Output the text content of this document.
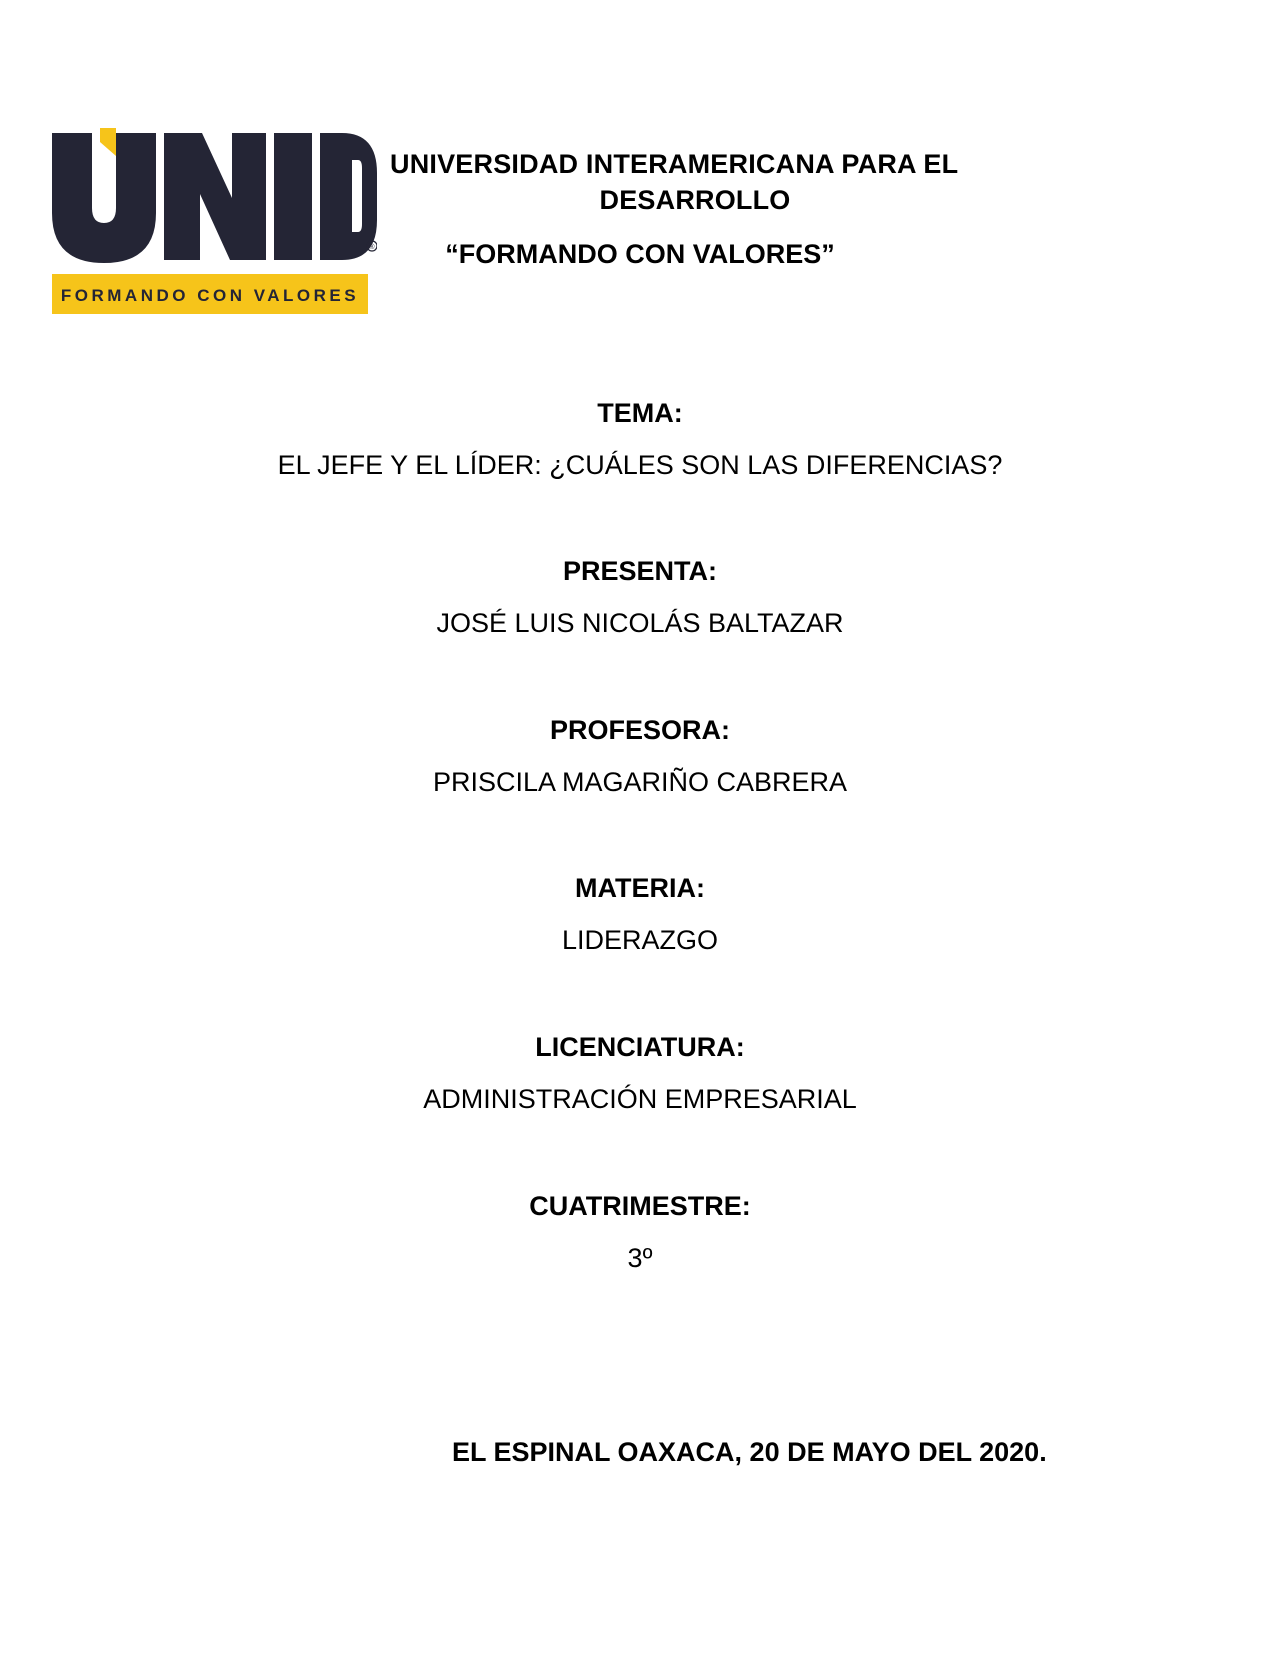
®
FORMANDO CON VALORES
UNIVERSIDAD INTERAMERICANA PARA EL
DESARROLLO
“FORMANDO CON VALORES”
TEMA:
EL JEFE Y EL LÍDER: ¿CUÁLES SON LAS DIFERENCIAS?
PRESENTA:
JOSÉ LUIS NICOLÁS BALTAZAR
PROFESORA:
PRISCILA MAGARIÑO CABRERA
MATERIA:
LIDERAZGO
LICENCIATURA:
ADMINISTRACIÓN EMPRESARIAL
CUATRIMESTRE:
3º
EL ESPINAL OAXACA, 20 DE MAYO DEL 2020.
